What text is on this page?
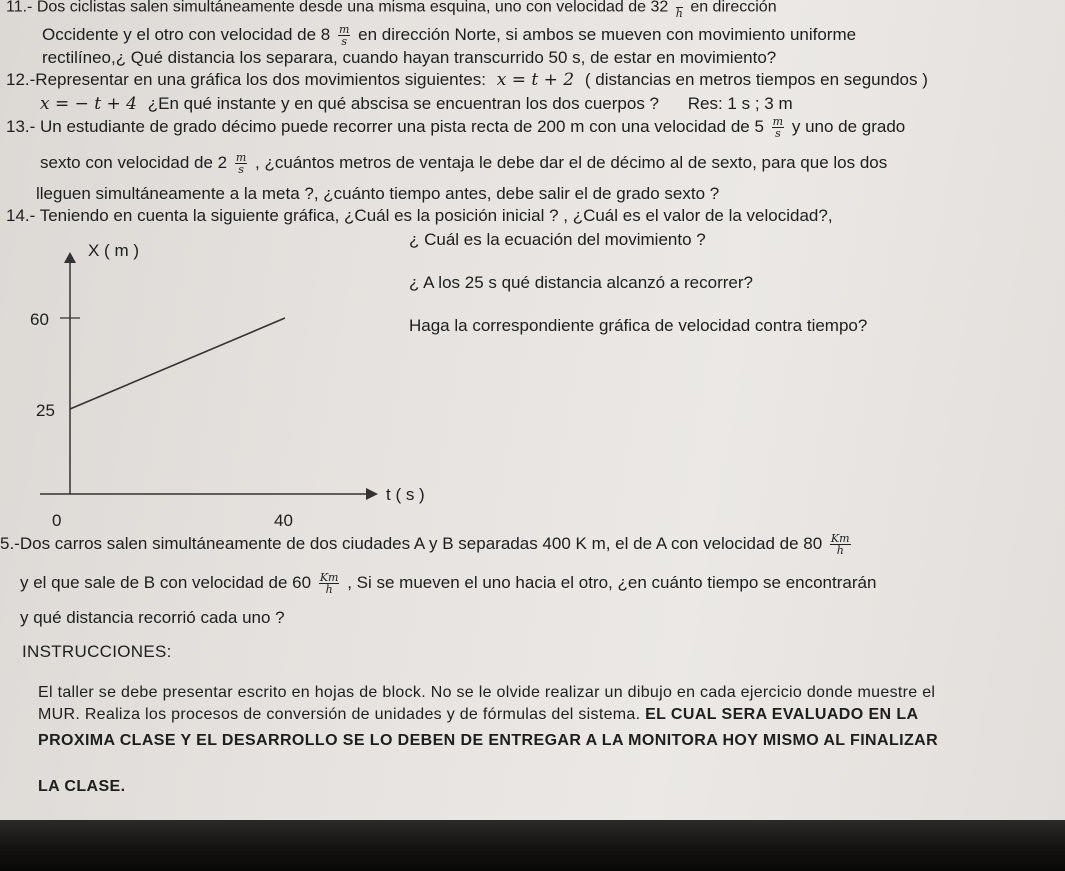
11.- Dos ciclistas salen simultáneamente desde una misma esquina, uno con velocidad de 32
h en dirección
Occidente y el otro con velocidad de $8 \frac{m}{s}$ en dirección Norte, si ambos se mueven con movimiento uniforme
rectilíneo,¿ Qué distancia los separara, cuando hayan transcurrido 50 s, de estar en movimiento?
12.-Representar en una gráfica los dos movimientos siguientes: x = t + 2 ( distancias en metros tiempos en segundos )
x = − t + 4 ¿En qué instante y en qué abscisa se encuentran los dos cuerpos ? Res: 1 s ; 3 m
13.- Un estudiante de grado décimo puede recorrer una pista recta de 200 m con una velocidad de $5 \frac{m}{s}$ y uno de grado
sexto con velocidad de $2 \frac{m}{s}$ , ¿cuántos metros de ventaja le debe dar el de décimo al de sexto, para que los dos
lleguen simultáneamente a la meta ?, ¿cuánto tiempo antes, debe salir el de grado sexto ?
14.- Teniendo en cuenta la siguiente gráfica, ¿Cuál es la posición inicial ? , ¿Cuál es el valor de la velocidad?,
¿ Cuál es la ecuación del movimiento ?
¿ A los 25 s qué distancia alcanzó a recorrer?
Haga la correspondiente gráfica de velocidad contra tiempo?
X ( m )
60
25
t ( s )
0	40
5.-Dos carros salen simultáneamente de dos ciudades A y B separadas 400 K m, el de A con velocidad de $80 \frac{Km}{h}$
y el que sale de B con velocidad de $60 \frac{Km}{h}$ , Si se mueven el uno hacia el otro, ¿en cuánto tiempo se encontrarán
y qué distancia recorrió cada uno ?
INSTRUCCIONES:
El taller se debe presentar escrito en hojas de block. No se le olvide realizar un dibujo en cada ejercicio donde muestre el
MUR. Realiza los procesos de conversión de unidades y de fórmulas del sistema. EL CUAL SERA EVALUADO EN LA
PROXIMA CLASE Y EL DESARROLLO SE LO DEBEN DE ENTREGAR A LA MONITORA HOY MISMO AL FINALIZAR
LA CLASE.
